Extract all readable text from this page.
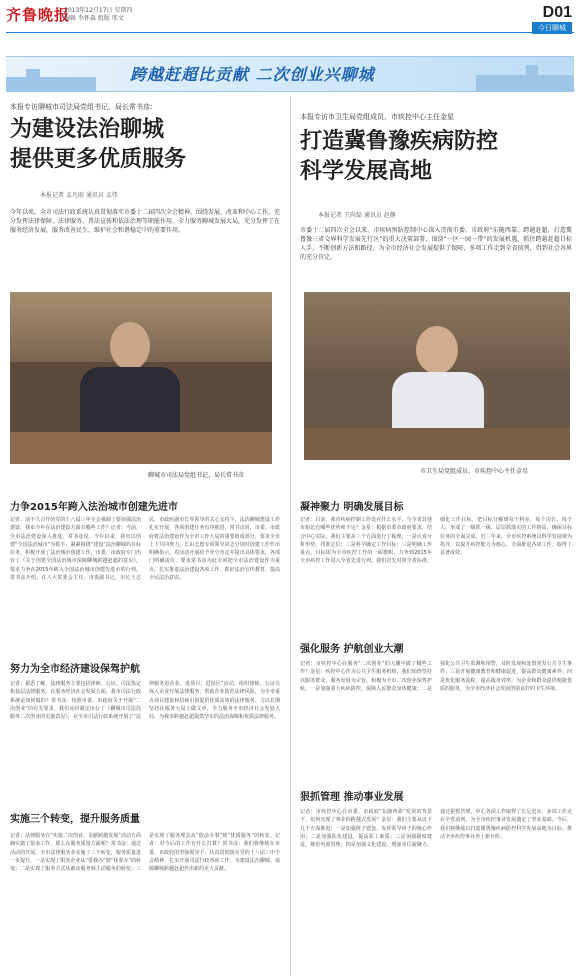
齐鲁晚报
2013年12月17日 星期四
编辑 李怀森 组版 邢文	D01
今日聊城
跨越赶超比贡献 二次创业兴聊城
本报专访聊城市司法局党组书记、局长常书彦：
为建设法治聊城
提供更多优质服务
本报记者 孟凡雨 通讯员 孟伟
今年以来，全市司法行政系统认真贯彻落实市委十二届四次全会精神，围绕发展、改革和中心工作，充分发挥法律保障、法律服务、普法宣传和依法治理等职能作用，全力服务聊城发展大局，充分发挥了在服务经济发展、服务改善民生、维护社会和谐稳定中的重要作用。
聊城市司法局党组书记、局长常书彦
力争2015年跨入法治城市创建先进市
记者：前不久召开的党的十八届三中全会强调了要加强法治建设，我市今年在法治建设方面有哪些工作？记者：当前，全市法治建设深入推进，常书彦说，今年以来，我市以创建“全国法治城市”为抓手，紧紧围绕“建设”法治聊城的目标任务，积极开展了法治城市创建工作，市委、市政府专门出台了《关于创建全国法治城市保障聊城跨越赶超的意见》，要求力争在2015年跨入全国法治城市创建先进市的行列。常书彦介绍，在人大常委会主任、市委副书记、市长王志民、市政府副市长等领导的关心支持下，法治聊城建设工作扎实开展，各项创建任务有序推进。常书彦说，市委、市政府将法治建设作为全市工作大局的重要组成部分，要求全市上下共同努力。长由志愿专项领导同志分别对创建工作作出明确指示，对活动开展给予充分肯定并提出具体要求，各部门明确责任，要求常书彦为此专项把全市法治建设作为重点，扎实推进法治建设各项工作，抓好法治宣传教育，提高全民法治意识。
努力为全市经济建设保驾护航
记者：据悉了解，法律服务主要包括律师、公证、司法鉴定和基层法律服务。在服务经济社会发展方面，我市司法行政系统是如何做的？常书彦：按照市委、市政府关于开展“二次创业”的有关要求，我们及时制定出台了《聊城市司法局服务二次创业的实施意见》，在全市司法行政系统开展了“法律服务进企业、进项目、进园区”活动，组织律师、公证员深入企业开展法律服务，帮助企业防范法律风险，为全市重点项目建设和招商引资提供优质高效的法律服务。力以长期坚持在服务大局上做文章，全力服务全市经济社会发展大局，为我市跨越赶超提供坚实的法治保障和优质法律服务。
实施三个转变，提升服务质量
记者：法律服务在“实施二次创业、贡献跨越发展”活动方面确实做了很多工作，那么在服务质量方面呢？常书彦：通过活动的开展，全市法律服务业实施了三个转变，服务质量进一步提升。一是实现了服务企业从“要我办”到“我要办”的转变；二是实现了服务方式从被动服务到主动服务的转变；三是实现了服务理念从“依法办事”到“优质服务”的转变。记者：对今后的工作有什么打算？常书彦：我们将继续在市委、市政府的坚强领导下，认真贯彻落实党的十八届三中全会精神，扎实开展司法行政各项工作，为建设法治聊城、保障聊城跨越赶超作出新的更大贡献。
本报专访市卫生局党组成员、市疾控中心主任金星
打造冀鲁豫疾病防控
科学发展高地
本报记者 王尚磊 通讯员 赵静
市委十二届四次全会以来，市疾病预防控制中心深入贯彻市委、市政府“东随西靠，跨越赶超，打造冀鲁豫三省交界科学发展先行区”的重大决策部署，围绕“一区一园一带”的发展机遇，抓住跨越赶超目标人手，不断创新方法和路径，为全市经济社会发展提供了保障，多项工作走到全省前列，得到社会各界的充分肯定。
市卫生局党组成员、市疾控中心主任金星
凝神聚力 明确发展目标
记者：目前，我市疾病控制工作处在什么水平，与全省其他市相比有哪些优势和不足？金星：根据市委市政府要求，结合中心实际，我们主要从三个方面进行了梳理，一是认真分析形势，找准定位；二是科学确定工作目标；三是明确工作重点。目标即为全市疾控工作的一面旗帜，力争到2015年全市疾控工作进入全省先进行列。我们首先对照全省标准，细化工作目标，把目标分解到每个科室、每个岗位、每个人，形成了一级抓一级、层层抓落实的工作格局，确保目标任务的全面完成。近三年来，全市疾控系统以科学发展观为指导，以提升疾控能力为核心，全面推进各项工作，取得了显著成效。
强化服务 护航创业大潮
记者：市疾控中心在服务“二次创业”的大潮中做了哪些工作？金星：疾控中心作为公共卫生服务机构，我们始终坚持以服务群众、服务发展为宗旨，积极为全市二次创业保驾护航。一是加强重大疾病防控，保障人民群众身体健康；二是强化公共卫生监测和预警，及时发现和处置突发公共卫生事件；三是开展健康教育和健康促进，提高群众健康素养；四是优化服务流程，提高服务效率，为企业和群众提供便捷优质的服务，为全市经济社会发展创造良好的卫生环境。
狠抓管理 推动事业发展
记者：市疾控中心在市委、市政府“东随西靠”发展的背景下，如何实现了事业的跨越式发展？金星：我们主要从以下几个方面推进：一是加强班子建设，发挥领导班子的核心作用；二是加强队伍建设，提高职工素质；三是加强制度建设，规范内部管理；四是加强文化建设，增强单位凝聚力。通过狠抓管理，中心各项工作取得了长足进步，多项工作走在全省前列，为全市疾控事业发展奠定了坚实基础。今后，我们将继续以打造冀鲁豫疾病防控科学发展高地为目标，推动全市疾控事业再上新台阶。
